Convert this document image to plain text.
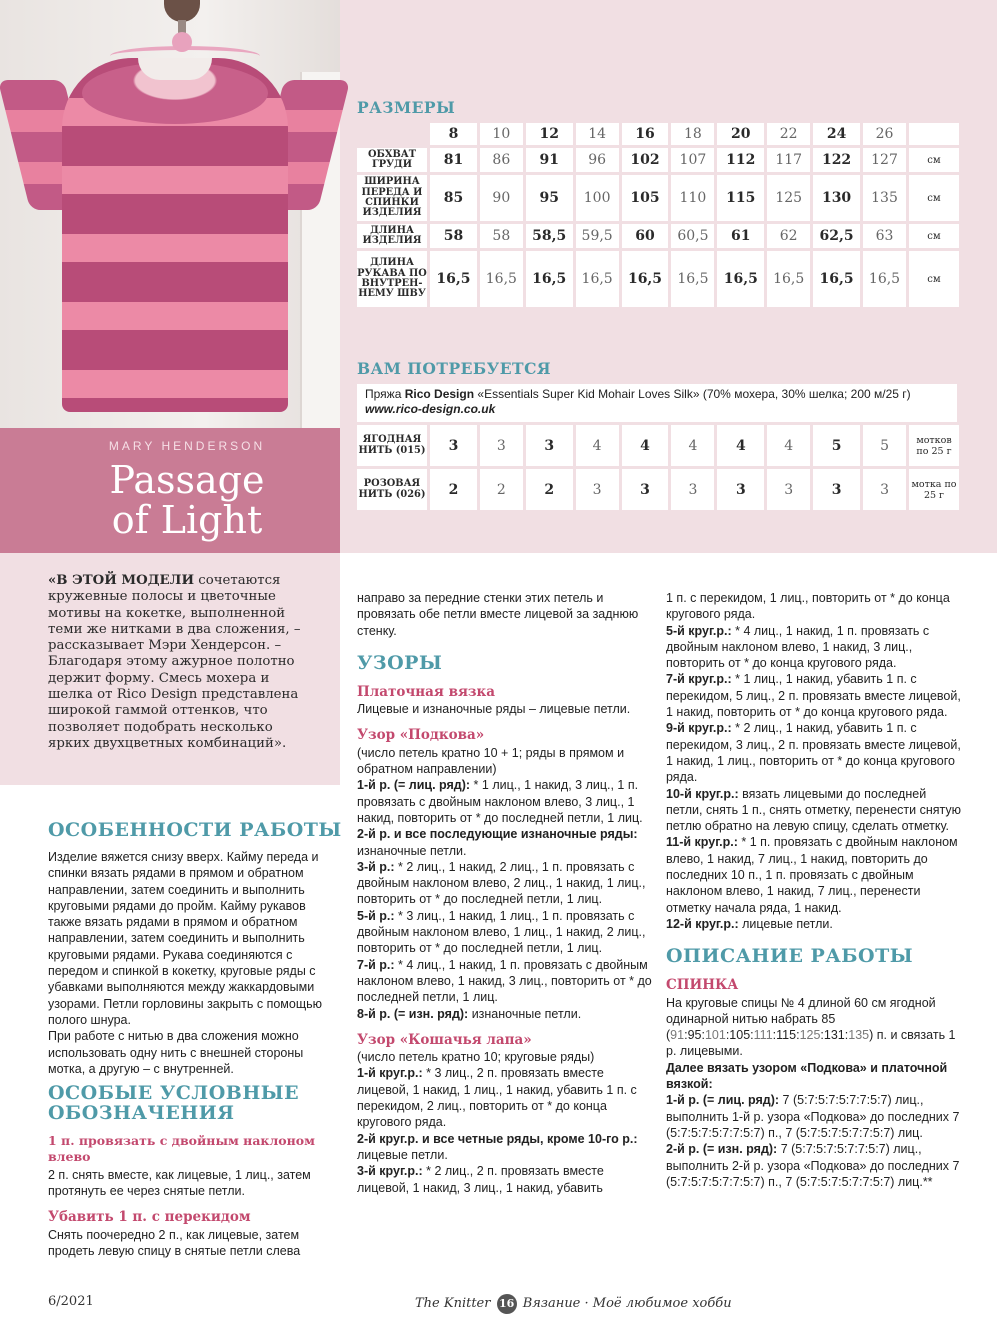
MARY HENDERSON
Passage
of Light

«В ЭТОЙ МОДЕЛИ сочетаются кружевные полосы и цветочные мотивы на кокетке, выполненной теми же нитками в два сложения, – рассказывает Мэри Хендерсон. – Благодаря этому ажурное полотно держит форму. Смесь мохера и шелка от Rico Design представлена широкой гаммой оттенков, что позволяет подобрать несколько ярких двухцветных комбинаций».

РАЗМЕРЫ
	8	10	12	14	16	18	20	22	24	26	
ОБХВАТ ГРУДИ	81	86	91	96	102	107	112	117	122	127	см
ШИРИНА ПЕРЕДА И СПИНКИ ИЗДЕЛИЯ	85	90	95	100	105	110	115	125	130	135	см
ДЛИНА ИЗДЕЛИЯ	58	58	58,5	59,5	60	60,5	61	62	62,5	63	см
ДЛИНА РУКАВА ПО ВНУТРЕН-НЕМУ ШВУ	16,5	16,5	16,5	16,5	16,5	16,5	16,5	16,5	16,5	16,5	см
ВАМ ПОТРЕБУЕТСЯ
Пряжа Rico Design «Essentials Super Kid Mohair Loves Silk» (70% мохера, 30% шелка; 200 м/25 г)
www.rico-design.co.uk
ЯГОДНАЯ НИТЬ (015)	3	3	3	4	4	4	4	4	5	5	мотков по 25 г
РОЗОВАЯ НИТЬ (026)	2	2	2	3	3	3	3	3	3	3	мотка по 25 г
ОСОБЕННОСТИ РАБОТЫ

Изделие вяжется снизу вверх. Кайму переда и спинки вязать рядами в прямом и обратном направлении, затем соединить и выполнить круговыми рядами до пройм. Кайму рукавов также вязать рядами в прямом и обратном направлении, затем соединить и выполнить круговыми рядами. Рукава соединяются с передом и спинкой в кокетку, круговые ряды с убавками выполняются между жаккардовыми узорами. Петли горловины закрыть с помощью полого шнура.

При работе с нитью в два сложения можно использовать одну нить с внешней стороны мотка, а другую – с внутренней.

ОСОБЫЕ УСЛОВНЫЕ ОБОЗНАЧЕНИЯ
1 п. провязать с двойным наклоном влево

2 п. снять вместе, как лицевые, 1 лиц., затем протянуть ее через снятые петли.

Убавить 1 п. с перекидом

Снять поочередно 2 п., как лицевые, затем продеть левую спицу в снятые петли слева

направо за передние стенки этих петель и провязать обе петли вместе лицевой за заднюю стенку.

УЗОРЫ
Платочная вязка

Лицевые и изнаночные ряды – лицевые петли.

Узор «Подкова»

(число петель кратно 10 + 1; ряды в прямом и обратном направлении)

1-й р. (= лиц. ряд): * 1 лиц., 1 накид, 3 лиц., 1 п. провязать с двойным наклоном влево, 3 лиц., 1 накид, повторить от * до последней петли, 1 лиц.

2-й р. и все последующие изнаночные ряды: изнаночные петли.

3-й р.: * 2 лиц., 1 накид, 2 лиц., 1 п. провязать с двойным наклоном влево, 2 лиц., 1 накид, 1 лиц., повторить от * до последней петли, 1 лиц.

5-й р.: * 3 лиц., 1 накид, 1 лиц., 1 п. провязать с двойным наклоном влево, 1 лиц., 1 накид, 2 лиц., повторить от * до последней петли, 1 лиц.

7-й р.: * 4 лиц., 1 накид, 1 п. провязать с двойным наклоном влево, 1 накид, 3 лиц., повторить от * до последней петли, 1 лиц.

8-й р. (= изн. ряд): изнаночные петли.

Узор «Кошачья лапа»

(число петель кратно 10; круговые ряды)

1-й круг.р.: * 3 лиц., 2 п. провязать вместе лицевой, 1 накид, 1 лиц., 1 накид, убавить 1 п. с перекидом, 2 лиц., повторить от * до конца кругового ряда.

2-й круг.р. и все четные ряды, кроме 10-го р.: лицевые петли.

3-й круг.р.: * 2 лиц., 2 п. провязать вместе лицевой, 1 накид, 3 лиц., 1 накид, убавить

1 п. с перекидом, 1 лиц., повторить от * до конца кругового ряда.

5-й круг.р.: * 4 лиц., 1 накид, 1 п. провязать с двойным наклоном влево, 1 накид, 3 лиц., повторить от * до конца кругового ряда.

7-й круг.р.: * 1 лиц., 1 накид, убавить 1 п. с перекидом, 5 лиц., 2 п. провязать вместе лицевой, 1 накид, повторить от * до конца кругового ряда.

9-й круг.р.: * 2 лиц., 1 накид, убавить 1 п. с перекидом, 3 лиц., 2 п. провязать вместе лицевой, 1 накид, 1 лиц., повторить от * до конца кругового ряда.

10-й круг.р.: вязать лицевыми до последней петли, снять 1 п., снять отметку, перенести снятую петлю обратно на левую спицу, сделать отметку.

11-й круг.р.: * 1 п. провязать с двойным наклоном влево, 1 накид, 7 лиц., 1 накид, повторить до последних 10 п., 1 п. провязать с двойным наклоном влево, 1 накид, 7 лиц., перенести отметку начала ряда, 1 накид.

12-й круг.р.: лицевые петли.

ОПИСАНИЕ РАБОТЫ
СПИНКА

На круговые спицы № 4 длиной 60 см ягодной одинарной нитью набрать 85 (91:95:101:105:111:115:125:131:135) п. и связать 1 р. лицевыми.

Далее вязать узором «Подкова» и платочной вязкой:

1-й р. (= лиц. ряд): 7 (5:7:5:7:5:7:7:5:7) лиц., выполнить 1-й р. узора «Подкова» до последних 7 (5:7:5:7:5:7:7:5:7) п., 7 (5:7:5:7:5:7:7:5:7) лиц.

2-й р. (= изн. ряд): 7 (5:7:5:7:5:7:7:5:7) лиц., выполнить 2-й р. узора «Подкова» до последних 7 (5:7:5:7:5:7:7:5:7) п., 7 (5:7:5:7:5:7:7:5:7) лиц.**

6/2021	The Knitter 16 Вязание · Моё любимое хобби
